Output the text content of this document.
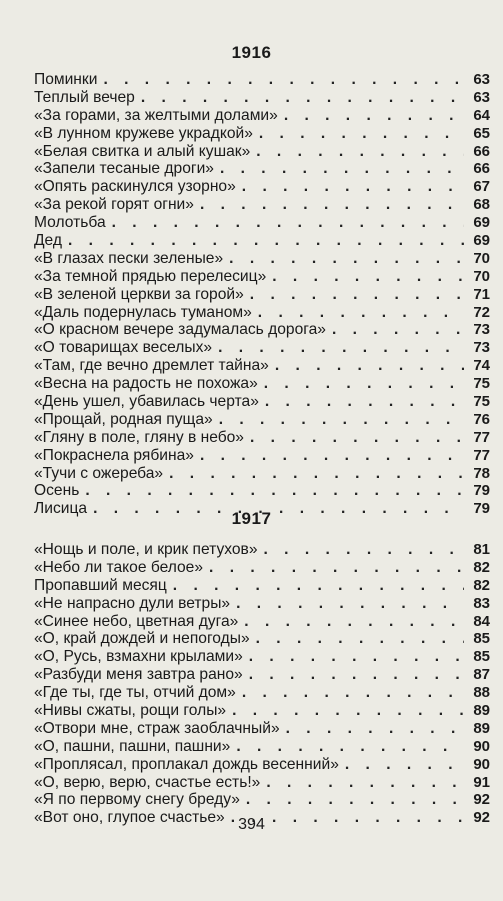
1916
Поминки . . .	63
Теплый вечер . . .	63
«За горами, за желтыми долами» . . .	64
«В лунном кружеве украдкой» . . .	65
«Белая свитка и алый кушак» . . .	66
«Запели тесаные дроги» . . .	66
«Опять раскинулся узорно» . . .	67
«За рекой горят огни» . . .	68
Молотьба . . .	69
Дед . . .	69
«В глазах пески зеленые» . . .	70
«За темной прядью перелесиц» . . .	70
«В зеленой церкви за горой» . . .	71
«Даль подернулась туманом» . . .	72
«О красном вечере задумалась дорога» . . .	73
«О товарищах веселых» . . .	73
«Там, где вечно дремлет тайна» . . .	74
«Весна на радость не похожа» . . .	75
«День ушел, убавилась черта» . . .	75
«Прощай, родная пуща» . . .	76
«Гляну в поле, гляну в небо» . . .	77
«Покраснела рябина» . . .	77
«Тучи с ожереба» . . .	78
Осень . . .	79
Лисица . . .	79
1917
«Нощь и поле, и крик петухов» . . .	81
«Небо ли такое белое» . . .	82
Пропавший месяц . . .	82
«Не напрасно дули ветры» . . .	83
«Синее небо, цветная дуга» . . .	84
«О, край дождей и непогоды» . . .	85
«О, Русь, взмахни крылами» . . .	85
«Разбуди меня завтра рано» . . .	87
«Где ты, где ты, отчий дом» . . .	88
«Нивы сжаты, рощи голы» . . .	89
«Отвори мне, страж заоблачный» . . .	89
«О, пашни, пашни, пашни» . . .	90
«Проплясал, проплакал дождь весенний» . . .	90
«О, верю, верю, счастье есть!» . . .	91
«Я по первому снегу бреду» . . .	92
«Вот оно, глупое счастье» . . .	92
394
